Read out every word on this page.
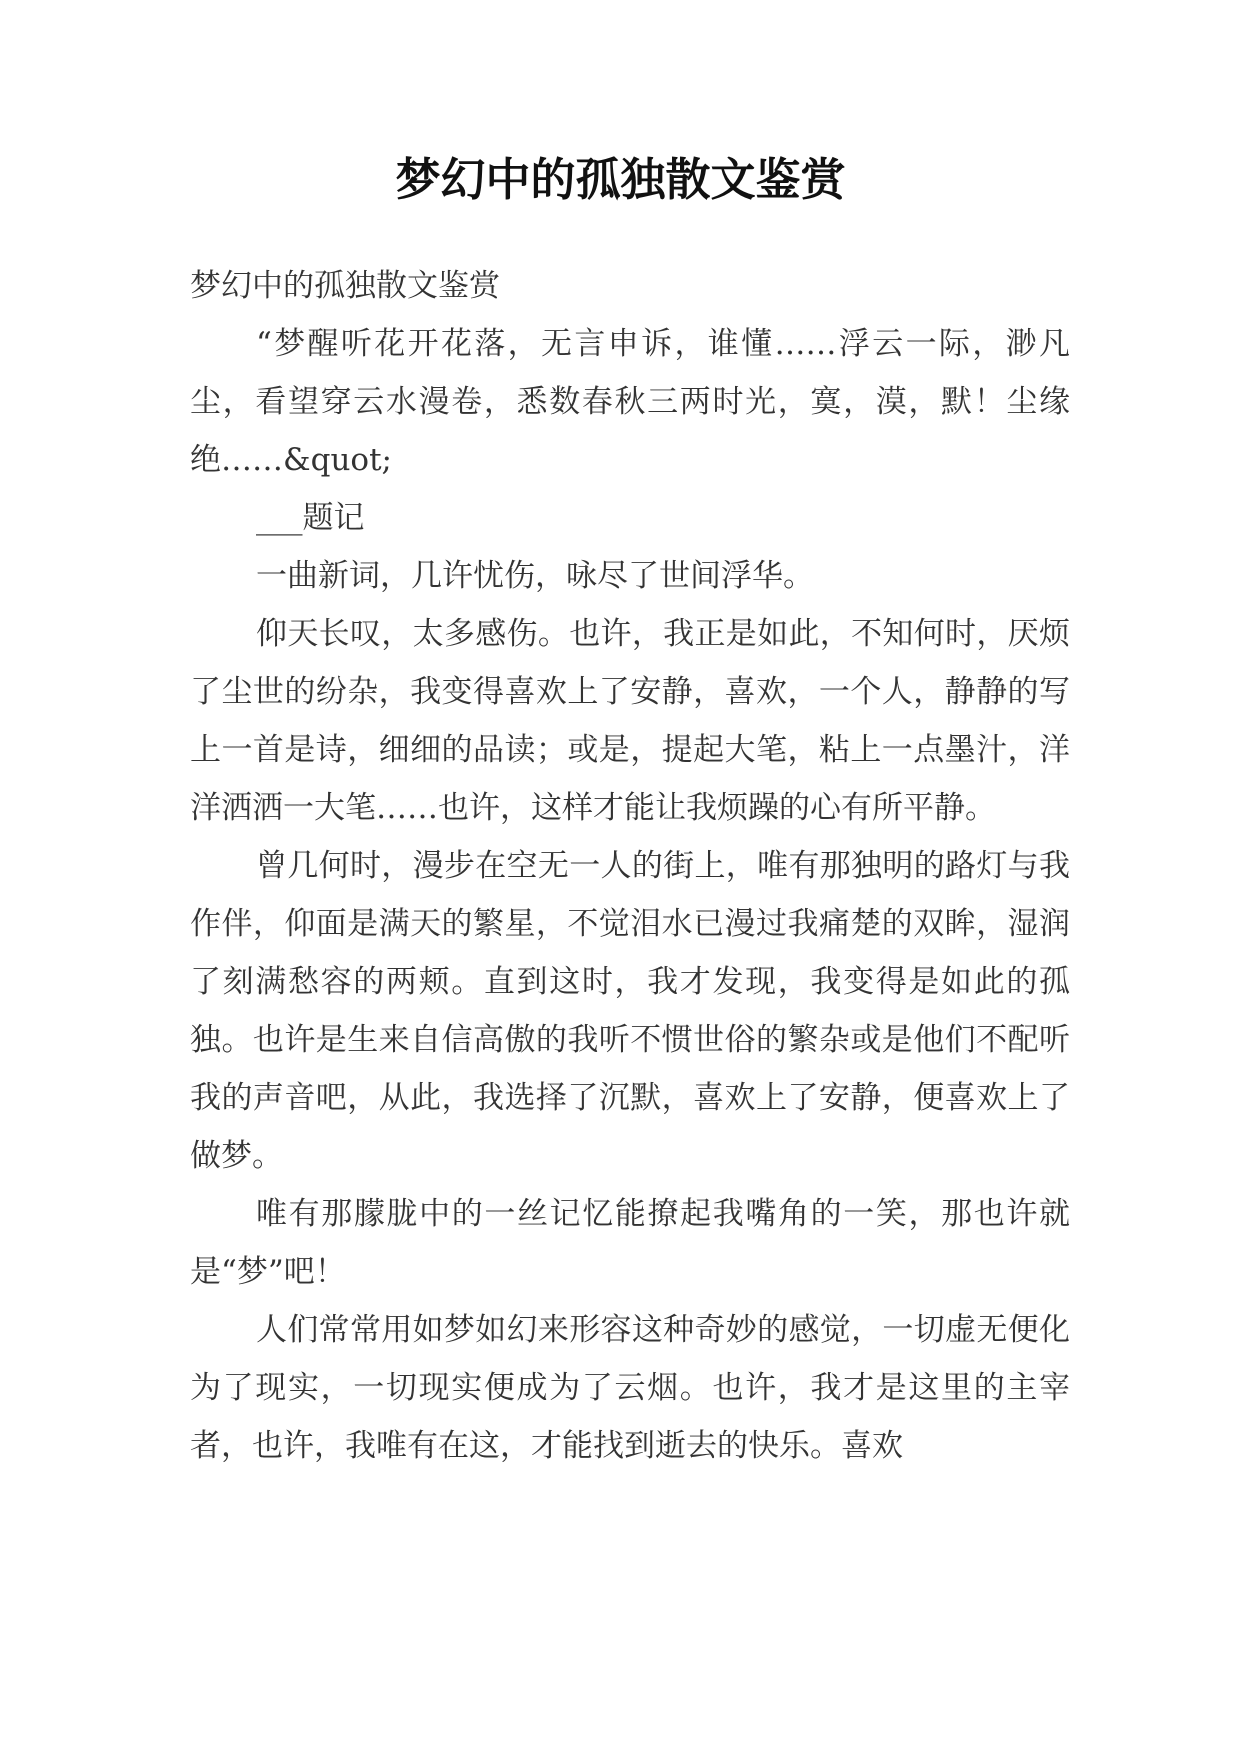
梦幻中的孤独散文鉴赏

梦幻中的孤独散文鉴赏

“梦醒听花开花落，无言申诉，谁懂……浮云一际，渺凡尘，看望穿云水漫卷，悉数春秋三两时光，寞，漠，默！尘缘绝……&quot;

___题记

一曲新词，几许忧伤，咏尽了世间浮华。

仰天长叹，太多感伤。也许，我正是如此，不知何时，厌烦了尘世的纷杂，我变得喜欢上了安静，喜欢，一个人，静静的写上一首是诗，细细的品读；或是，提起大笔，粘上一点墨汁，洋洋洒洒一大笔……也许，这样才能让我烦躁的心有所平静。

曾几何时，漫步在空无一人的街上，唯有那独明的路灯与我作伴，仰面是满天的繁星，不觉泪水已漫过我痛楚的双眸，湿润了刻满愁容的两颊。直到这时，我才发现，我变得是如此的孤独。也许是生来自信高傲的我听不惯世俗的繁杂或是他们不配听我的声音吧，从此，我选择了沉默，喜欢上了安静，便喜欢上了做梦。

唯有那朦胧中的一丝记忆能撩起我嘴角的一笑，那也许就是“梦”吧！

人们常常用如梦如幻来形容这种奇妙的感觉，一切虚无便化为了现实，一切现实便成为了云烟。也许，我才是这里的主宰者，也许，我唯有在这，才能找到逝去的快乐。喜欢
